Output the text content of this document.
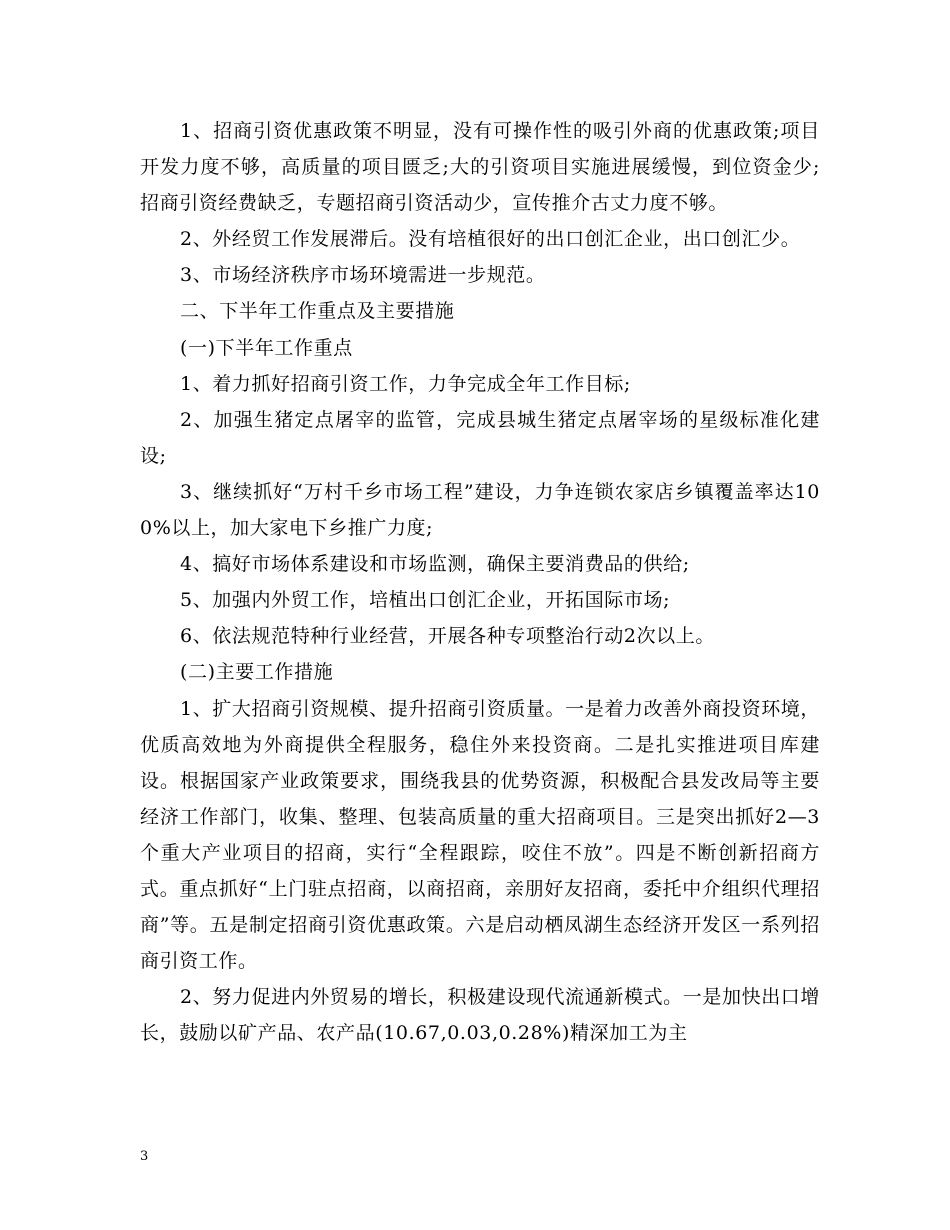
1、招商引资优惠政策不明显，没有可操作性的吸引外商的优惠政策;项目开发力度不够，高质量的项目匮乏;大的引资项目实施进展缓慢，到位资金少;招商引资经费缺乏，专题招商引资活动少，宣传推介古丈力度不够。

2、外经贸工作发展滞后。没有培植很好的出口创汇企业，出口创汇少。

3、市场经济秩序市场环境需进一步规范。

二、下半年工作重点及主要措施

(一)下半年工作重点

1、着力抓好招商引资工作，力争完成全年工作目标;

2、加强生猪定点屠宰的监管，完成县城生猪定点屠宰场的星级标准化建设;

3、继续抓好“万村千乡市场工程”建设，力争连锁农家店乡镇覆盖率达100%以上，加大家电下乡推广力度;

4、搞好市场体系建设和市场监测，确保主要消费品的供给;

5、加强内外贸工作，培植出口创汇企业，开拓国际市场;

6、依法规范特种行业经营，开展各种专项整治行动2次以上。

(二)主要工作措施

1、扩大招商引资规模、提升招商引资质量。一是着力改善外商投资环境，优质高效地为外商提供全程服务，稳住外来投资商。二是扎实推进项目库建设。根据国家产业政策要求，围绕我县的优势资源，积极配合县发改局等主要经济工作部门，收集、整理、包装高质量的重大招商项目。三是突出抓好2—3个重大产业项目的招商，实行“全程跟踪，咬住不放”。四是不断创新招商方式。重点抓好“上门驻点招商，以商招商，亲朋好友招商，委托中介组织代理招商”等。五是制定招商引资优惠政策。六是启动栖凤湖生态经济开发区一系列招商引资工作。

2、努力促进内外贸易的增长，积极建设现代流通新模式。一是加快出口增长，鼓励以矿产品、农产品(10.67,0.03,0.28%)精深加工为主

3
